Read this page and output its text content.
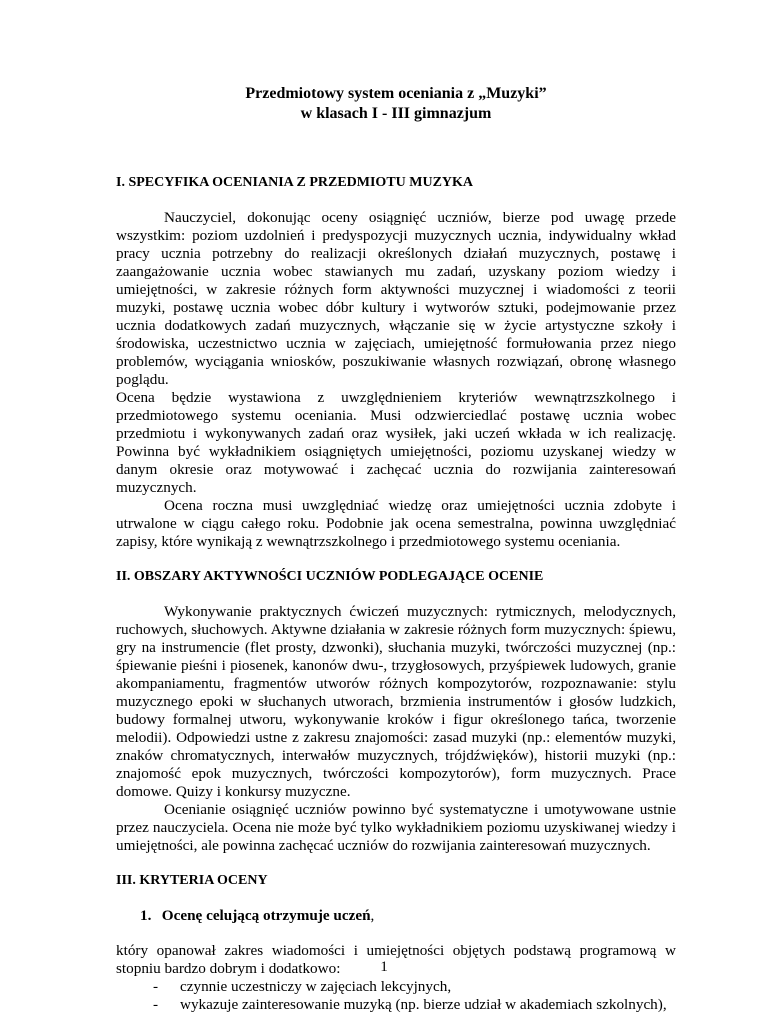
Przedmiotowy system oceniania z „Muzyki”

w klasach I - III gimnazjum

I. SPECYFIKA OCENIANIA Z PRZEDMIOTU MUZYKA

Nauczyciel, dokonując oceny osiągnięć uczniów, bierze pod uwagę przede wszystkim: poziom uzdolnień i predyspozycji muzycznych ucznia, indywidualny wkład pracy ucznia potrzebny do realizacji określonych działań muzycznych, postawę i zaangażowanie ucznia wobec stawianych mu zadań, uzyskany poziom wiedzy i umiejętności, w zakresie różnych form aktywności muzycznej i wiadomości z teorii muzyki, postawę ucznia wobec dóbr kultury i wytworów sztuki, podejmowanie przez ucznia dodatkowych zadań muzycznych, włączanie się w życie artystyczne szkoły i środowiska, uczestnictwo ucznia w zajęciach, umiejętność formułowania przez niego problemów, wyciągania wniosków, poszukiwanie własnych rozwiązań, obronę własnego poglądu.

Ocena będzie wystawiona z uwzględnieniem kryteriów wewnątrzszkolnego i przedmiotowego systemu oceniania. Musi odzwierciedlać postawę ucznia wobec przedmiotu i wykonywanych zadań oraz wysiłek, jaki uczeń wkłada w ich realizację. Powinna być wykładnikiem osiągniętych umiejętności, poziomu uzyskanej wiedzy w danym okresie oraz motywować i zachęcać ucznia do rozwijania zainteresowań muzycznych.

Ocena roczna musi uwzględniać wiedzę oraz umiejętności ucznia zdobyte i utrwalone w ciągu całego roku. Podobnie jak ocena semestralna, powinna uwzględniać zapisy, które wynikają z wewnątrzszkolnego i przedmiotowego systemu oceniania.

II. OBSZARY AKTYWNOŚCI UCZNIÓW PODLEGAJĄCE OCENIE

Wykonywanie praktycznych ćwiczeń muzycznych: rytmicznych, melodycznych, ruchowych, słuchowych. Aktywne działania w zakresie różnych form muzycznych: śpiewu, gry na instrumencie (flet prosty, dzwonki), słuchania muzyki, twórczości muzycznej (np.: śpiewanie pieśni i piosenek, kanonów dwu-, trzygłosowych, przyśpiewek ludowych, granie akompaniamentu, fragmentów utworów różnych kompozytorów, rozpoznawanie: stylu muzycznego epoki w słuchanych utworach, brzmienia instrumentów i głosów ludzkich, budowy formalnej utworu, wykonywanie kroków i figur określonego tańca, tworzenie melodii). Odpowiedzi ustne z zakresu znajomości: zasad muzyki (np.: elementów muzyki, znaków chromatycznych, interwałów muzycznych, trójdźwięków), historii muzyki (np.: znajomość epok muzycznych, twórczości kompozytorów), form muzycznych. Prace domowe. Quizy i konkursy muzyczne.

Ocenianie osiągnięć uczniów powinno być systematyczne i umotywowane ustnie przez nauczyciela. Ocena nie może być tylko wykładnikiem poziomu uzyskiwanej wiedzy i umiejętności, ale powinna zachęcać uczniów do rozwijania zainteresowań muzycznych.

III. KRYTERIA OCENY

1. Ocenę celującą otrzymuje uczeń,

który opanował zakres wiadomości i umiejętności objętych podstawą programową w stopniu bardzo dobrym i dodatkowo:

- czynnie uczestniczy w zajęciach lekcyjnych,
- wykazuje zainteresowanie muzyką (np. bierze udział w akademiach szkolnych),
1
